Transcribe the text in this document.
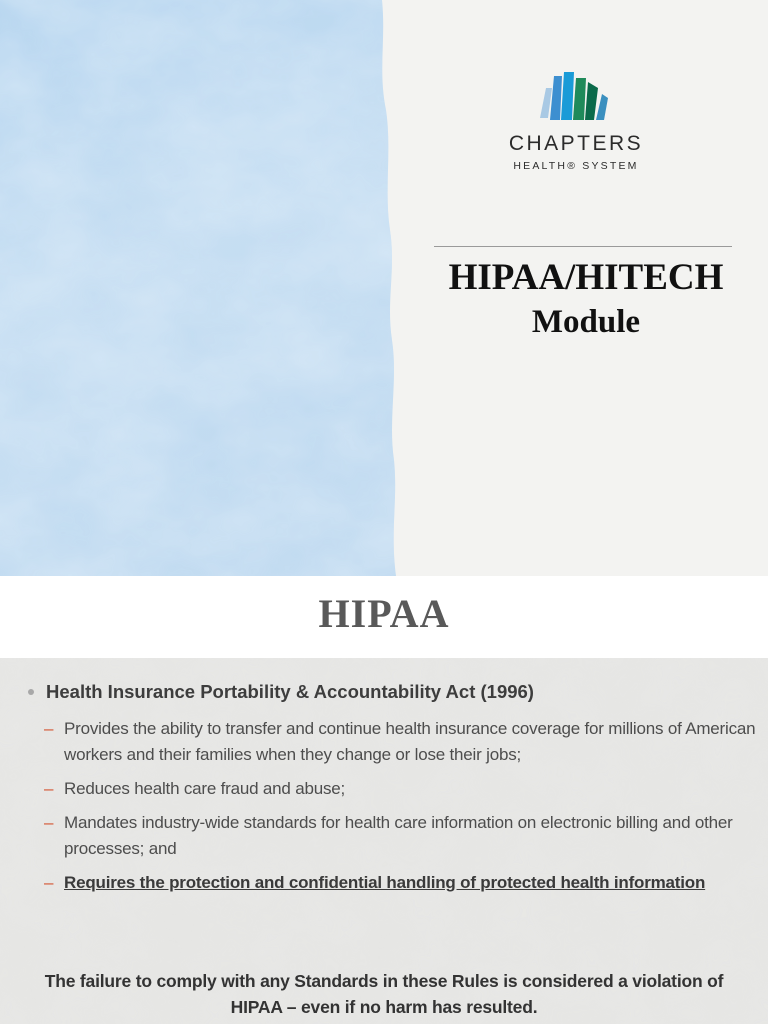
CHAPTERS
HEALTH® SYSTEM
HIPAA/HITECH
Module
HIPAA
Health Insurance Portability & Accountability Act (1996)
– Provides the ability to transfer and continue health insurance coverage for millions of American workers and their families when they change or lose their jobs;
– Reduces health care fraud and abuse;
– Mandates industry-wide standards for health care information on electronic billing and other processes; and
– Requires the protection and confidential handling of protected health information
The failure to comply with any Standards in these Rules is considered a violation of HIPAA – even if no harm has resulted.
